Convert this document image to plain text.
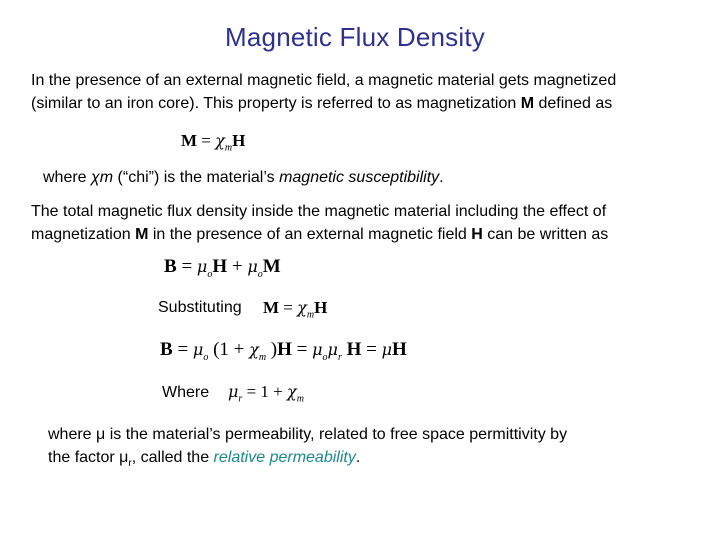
Magnetic Flux Density
In the presence of an external magnetic field, a magnetic material gets magnetized
(similar to an iron core). This property is referred to as magnetization M defined as
$M = \chi_mH$
where χm (“chi”) is the material’s magnetic susceptibility.
The total magnetic flux density inside the magnetic material including the effect of
magnetization M in the presence of an external magnetic field H can be written as
$B = \mu_oH + \mu_oM$
Substituting $M = \chi_mH$
$B = \mu_o$ ($1 + \chi_m$ )$H = \mu_o\mu_r$ H = μH
Where $\mu_r = 1 + \chi_m$
where μ is the material’s permeability, related to free space permittivity by
the factor $\mu_r$, called the relative permeability.
